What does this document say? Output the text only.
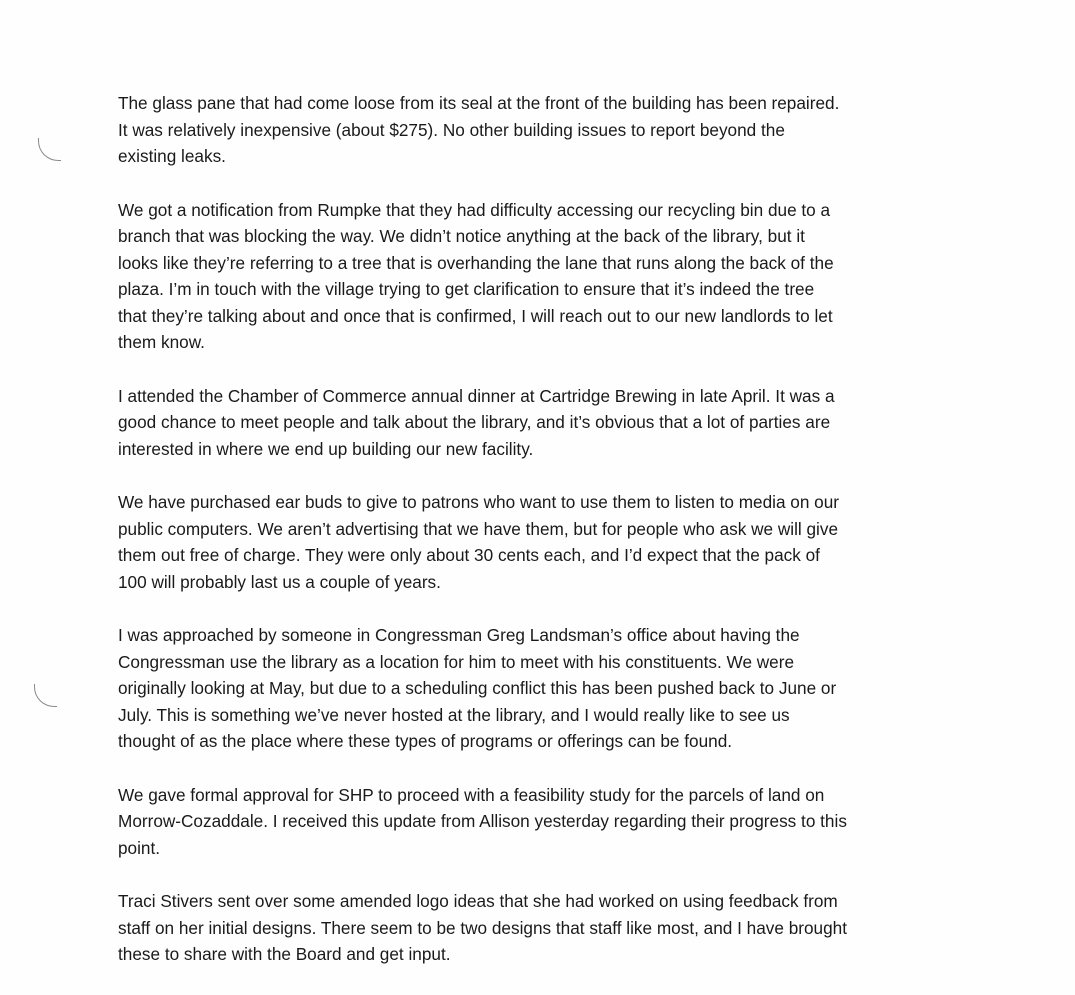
The glass pane that had come loose from its seal at the front of the building has been repaired.
It was relatively inexpensive (about $275). No other building issues to report beyond the
existing leaks.

We got a notification from Rumpke that they had difficulty accessing our recycling bin due to a
branch that was blocking the way. We didn’t notice anything at the back of the library, but it
looks like they’re referring to a tree that is overhanding the lane that runs along the back of the
plaza. I’m in touch with the village trying to get clarification to ensure that it’s indeed the tree
that they’re talking about and once that is confirmed, I will reach out to our new landlords to let
them know.

I attended the Chamber of Commerce annual dinner at Cartridge Brewing in late April. It was a
good chance to meet people and talk about the library, and it’s obvious that a lot of parties are
interested in where we end up building our new facility.

We have purchased ear buds to give to patrons who want to use them to listen to media on our
public computers. We aren’t advertising that we have them, but for people who ask we will give
them out free of charge. They were only about 30 cents each, and I’d expect that the pack of
100 will probably last us a couple of years.

I was approached by someone in Congressman Greg Landsman’s office about having the
Congressman use the library as a location for him to meet with his constituents. We were
originally looking at May, but due to a scheduling conflict this has been pushed back to June or
July. This is something we’ve never hosted at the library, and I would really like to see us
thought of as the place where these types of programs or offerings can be found.

We gave formal approval for SHP to proceed with a feasibility study for the parcels of land on
Morrow-Cozaddale. I received this update from Allison yesterday regarding their progress to this
point.

Traci Stivers sent over some amended logo ideas that she had worked on using feedback from
staff on her initial designs. There seem to be two designs that staff like most, and I have brought
these to share with the Board and get input.
